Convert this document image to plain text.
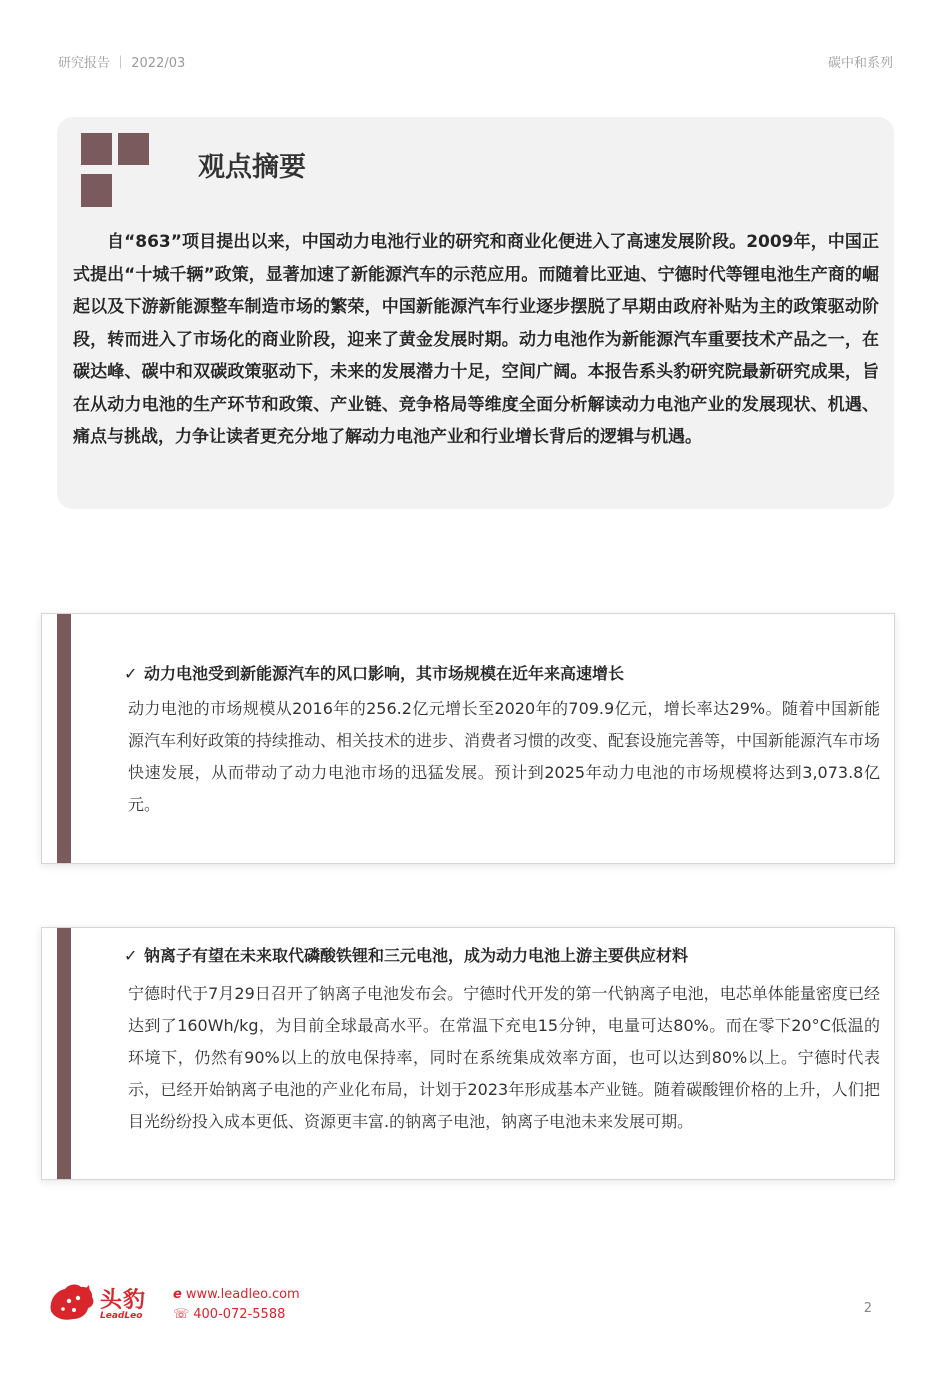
研究报告 ｜ 2022/03	碳中和系列
观点摘要
自“863”项目提出以来，中国动力电池行业的研究和商业化便进入了高速发展阶段。2009年，中国正式提出“十城千辆”政策，显著加速了新能源汽车的示范应用。而随着比亚迪、宁德时代等锂电池生产商的崛起以及下游新能源整车制造市场的繁荣，中国新能源汽车行业逐步摆脱了早期由政府补贴为主的政策驱动阶段，转而进入了市场化的商业阶段，迎来了黄金发展时期。动力电池作为新能源汽车重要技术产品之一，在碳达峰、碳中和双碳政策驱动下，未来的发展潜力十足，空间广阔。本报告系头豹研究院最新研究成果，旨在从动力电池的生产环节和政策、产业链、竞争格局等维度全面分析解读动力电池产业的发展现状、机遇、痛点与挑战，力争让读者更充分地了解动力电池产业和行业增长背后的逻辑与机遇。
✓ 动力电池受到新能源汽车的风口影响，其市场规模在近年来高速增长
动力电池的市场规模从2016年的256.2亿元增长至2020年的709.9亿元，增长率达29%。随着中国新能源汽车利好政策的持续推动、相关技术的进步、消费者习惯的改变、配套设施完善等，中国新能源汽车市场快速发展，从而带动了动力电池市场的迅猛发展。预计到2025年动力电池的市场规模将达到3,073.8亿元。
✓ 钠离子有望在未来取代磷酸铁锂和三元电池，成为动力电池上游主要供应材料
宁德时代于7月29日召开了钠离子电池发布会。宁德时代开发的第一代钠离子电池，电芯单体能量密度已经达到了160Wh/kg，为目前全球最高水平。在常温下充电15分钟，电量可达80%。而在零下20°C低温的环境下，仍然有90%以上的放电保持率，同时在系统集成效率方面，也可以达到80%以上。宁德时代表示，已经开始钠离子电池的产业化布局，计划于2023年形成基本产业链。随着碳酸锂价格的上升，人们把目光纷纷投入成本更低、资源更丰富.的钠离子电池，钠离子电池未来发展可期。
头豹
LeadLeo
e www.leadleo.com
☏ 400-072-5588	2
